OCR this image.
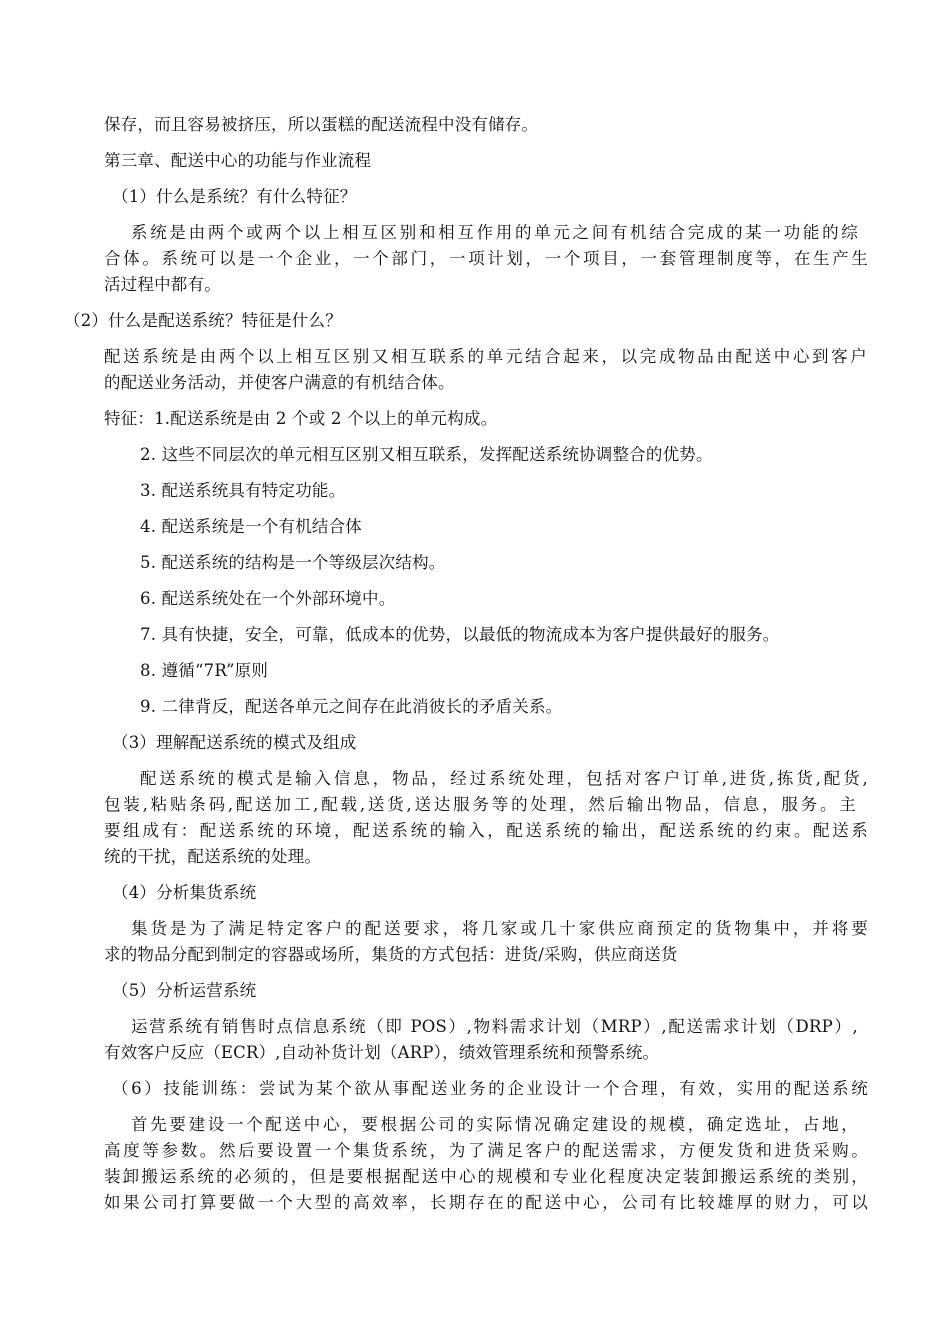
保存，而且容易被挤压，所以蛋糕的配送流程中没有储存。
第三章、配送中心的功能与作业流程
（1）什么是系统？有什么特征？
系统是由两个或两个以上相互区别和相互作用的单元之间有机结合完成的某一功能的综
合体。系统可以是一个企业，一个部门，一项计划，一个项目，一套管理制度等，在生产生
活过程中都有。
（2）什么是配送系统？特征是什么？
配送系统是由两个以上相互区别又相互联系的单元结合起来，以完成物品由配送中心到客户
的配送业务活动，并使客户满意的有机结合体。
特征：1.配送系统是由 2 个或 2 个以上的单元构成。
2. 这些不同层次的单元相互区别又相互联系，发挥配送系统协调整合的优势。
3. 配送系统具有特定功能。
4. 配送系统是一个有机结合体
5. 配送系统的结构是一个等级层次结构。
6. 配送系统处在一个外部环境中。
7. 具有快捷，安全，可靠，低成本的优势，以最低的物流成本为客户提供最好的服务。
8. 遵循“7R”原则
9. 二律背反，配送各单元之间存在此消彼长的矛盾关系。
（3）理解配送系统的模式及组成
配送系统的模式是输入信息，物品，经过系统处理，包括对客户订单,进货,拣货,配货,
包装,粘贴条码,配送加工,配载,送货,送达服务等的处理，然后输出物品，信息，服务。主
要组成有：配送系统的环境，配送系统的输入，配送系统的输出，配送系统的约束。配送系
统的干扰，配送系统的处理。
（4）分析集货系统
集货是为了满足特定客户的配送要求，将几家或几十家供应商预定的货物集中，并将要
求的物品分配到制定的容器或场所，集货的方式包括：进货/采购，供应商送货
（5）分析运营系统
运营系统有销售时点信息系统（即 POS）,物料需求计划（MRP）,配送需求计划（DRP）,
有效客户反应（ECR）,自动补货计划（ARP），绩效管理系统和预警系统。
（6）技能训练：尝试为某个欲从事配送业务的企业设计一个合理，有效，实用的配送系统
首先要建设一个配送中心，要根据公司的实际情况确定建设的规模，确定选址，占地，
高度等参数。然后要设置一个集货系统，为了满足客户的配送需求，方便发货和进货采购。
装卸搬运系统的必须的，但是要根据配送中心的规模和专业化程度决定装卸搬运系统的类别，
如果公司打算要做一个大型的高效率，长期存在的配送中心，公司有比较雄厚的财力，可以
